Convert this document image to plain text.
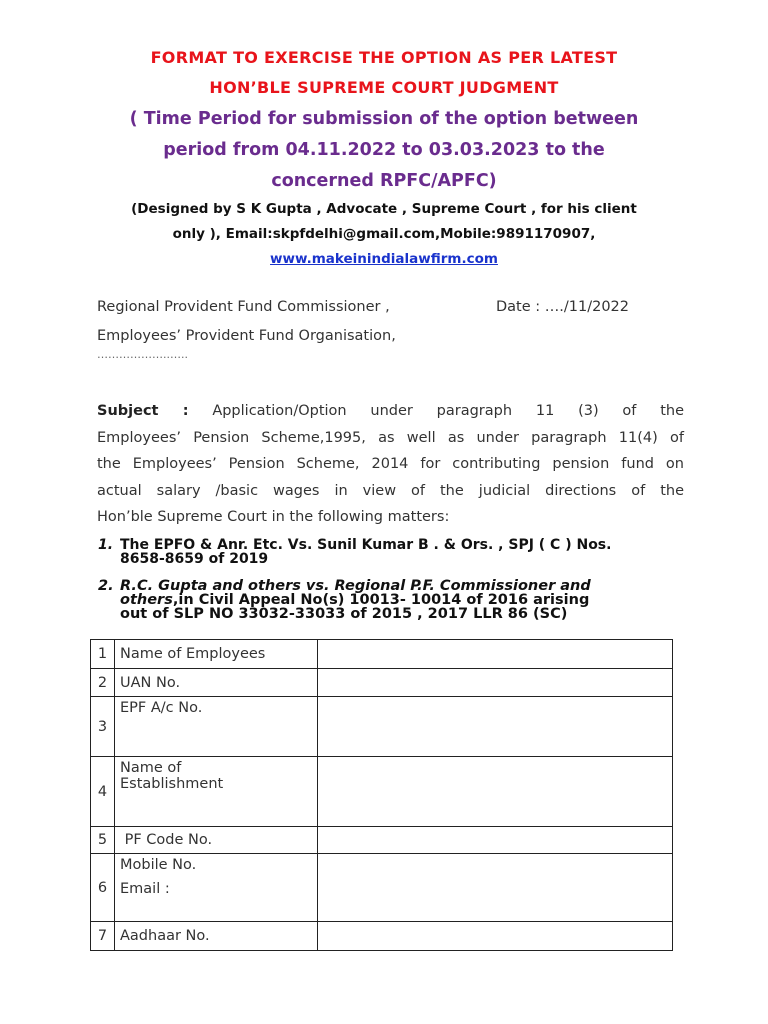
FORMAT TO EXERCISE THE OPTION AS PER LATEST
HON’BLE SUPREME COURT JUDGMENT
( Time Period for submission of the option between
period from 04.11.2022 to 03.03.2023 to the
concerned RPFC/APFC)
(Designed by S K Gupta , Advocate , Supreme Court , for his client
only ), Email:skpfdelhi@gmail.com,Mobile:9891170907,
www.makeinindialawfirm.com
Regional Provident Fund Commissioner ,	Date : …./11/2022
Employees’ Provident Fund Organisation,
………………..…..
Subject : Application/Option under paragraph 11 (3) of the
Employees’ Pension Scheme,1995, as well as under paragraph 11(4) of
the Employees’ Pension Scheme, 2014 for contributing pension fund on
actual salary /basic wages in view of the judicial directions of the
Hon’ble Supreme Court in the following matters:
1. The EPFO & Anr. Etc. Vs. Sunil Kumar B . & Ors. , SPJ ( C ) Nos.
8658-8659 of 2019
2. R.C. Gupta and others vs. Regional P.F. Commissioner and
others,in Civil Appeal No(s) 10013- 10014 of 2016 arising
out of SLP NO 33032-33033 of 2015 , 2017 LLR 86 (SC)
1	Name of Employees	
2	UAN No.	
3	EPF A/c No.	
4	Name of
Establishment	

5	PF Code No.	
6	Mobile No.
Email :	

7	Aadhaar No.	
